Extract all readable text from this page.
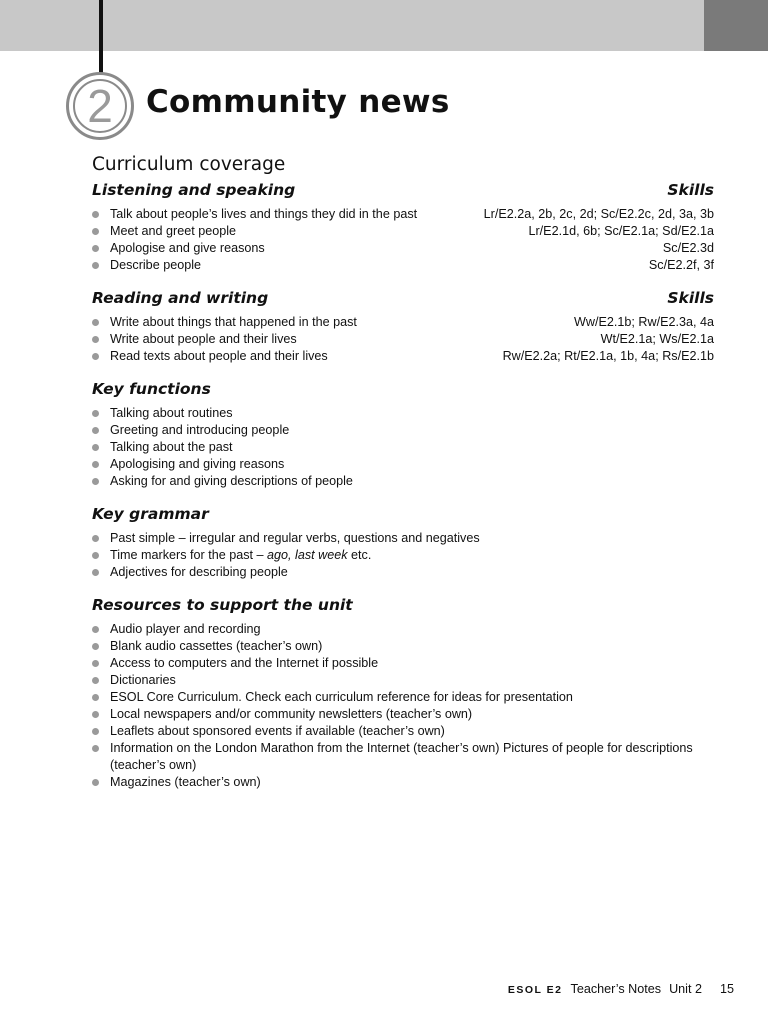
2	Community news
Curriculum coverage
Listening and speaking	Skills
Talk about people’s lives and things they did in the past	Lr/E2.2a, 2b, 2c, 2d; Sc/E2.2c, 2d, 3a, 3b
Meet and greet people	Lr/E2.1d, 6b; Sc/E2.1a; Sd/E2.1a
Apologise and give reasons	Sc/E2.3d
Describe people	Sc/E2.2f, 3f
Reading and writing	Skills
Write about things that happened in the past	Ww/E2.1b; Rw/E2.3a, 4a
Write about people and their lives	Wt/E2.1a; Ws/E2.1a
Read texts about people and their lives	Rw/E2.2a; Rt/E2.1a, 1b, 4a; Rs/E2.1b
Key functions
Talking about routines
Greeting and introducing people
Talking about the past
Apologising and giving reasons
Asking for and giving descriptions of people
Key grammar
Past simple – irregular and regular verbs, questions and negatives
Time markers for the past – ago, last week etc.
Adjectives for describing people
Resources to support the unit
Audio player and recording
Blank audio cassettes (teacher’s own)
Access to computers and the Internet if possible
Dictionaries
ESOL Core Curriculum. Check each curriculum reference for ideas for presentation
Local newspapers and/or community newsletters (teacher’s own)
Leaflets about sponsored events if available (teacher’s own)
Information on the London Marathon from the Internet (teacher’s own) Pictures of people for descriptions (teacher’s own)
Magazines (teacher’s own)
ESOL E2 Teacher’s Notes Unit 2 15
